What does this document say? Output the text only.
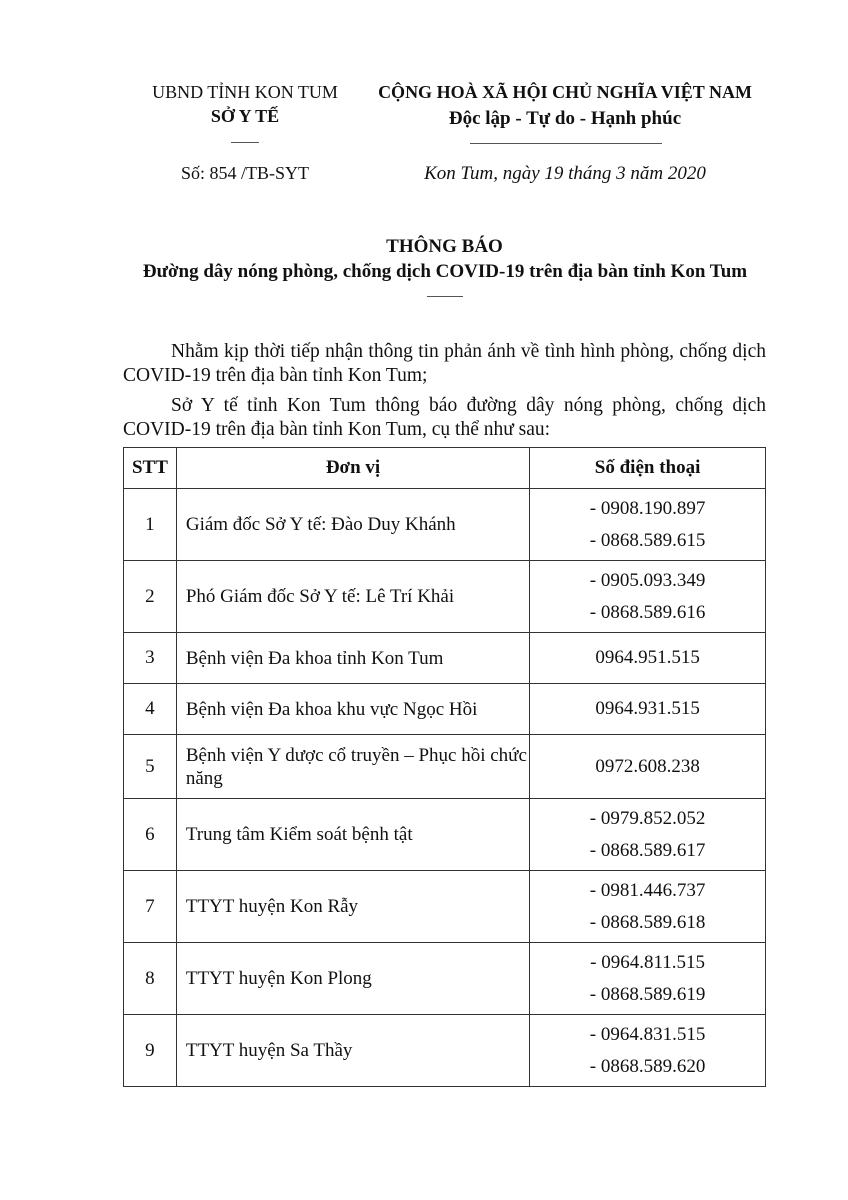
UBND TỈNH KON TUM
SỞ Y TẾ
Số: 854 /TB-SYT
CỘNG HOÀ XÃ HỘI CHỦ NGHĨA VIỆT NAM
Độc lập - Tự do - Hạnh phúc
Kon Tum, ngày 19 tháng 3 năm 2020
THÔNG BÁO
Đường dây nóng phòng, chống dịch COVID-19 trên địa bàn tỉnh Kon Tum
Nhằm kịp thời tiếp nhận thông tin phản ánh về tình hình phòng, chống dịch COVID-19 trên địa bàn tỉnh Kon Tum;
Sở Y tế tỉnh Kon Tum thông báo đường dây nóng phòng, chống dịch COVID-19 trên địa bàn tỉnh Kon Tum, cụ thể như sau:
STT	Đơn vị	Số điện thoại
1	Giám đốc Sở Y tế: Đào Duy Khánh	- 0908.190.897
- 0868.589.615

2	Phó Giám đốc Sở Y tế: Lê Trí Khải	- 0905.093.349
- 0868.589.616

3	Bệnh viện Đa khoa tỉnh Kon Tum	0964.951.515

4	Bệnh viện Đa khoa khu vực Ngọc Hồi	0964.931.515

5	Bệnh viện Y dược cổ truyền – Phục hồi chức năng	0972.608.238

6	Trung tâm Kiểm soát bệnh tật	- 0979.852.052
- 0868.589.617

7	TTYT huyện Kon Rẫy	- 0981.446.737
- 0868.589.618

8	TTYT huyện Kon Plong	- 0964.811.515
- 0868.589.619

9	TTYT huyện Sa Thầy	- 0964.831.515
- 0868.589.620
